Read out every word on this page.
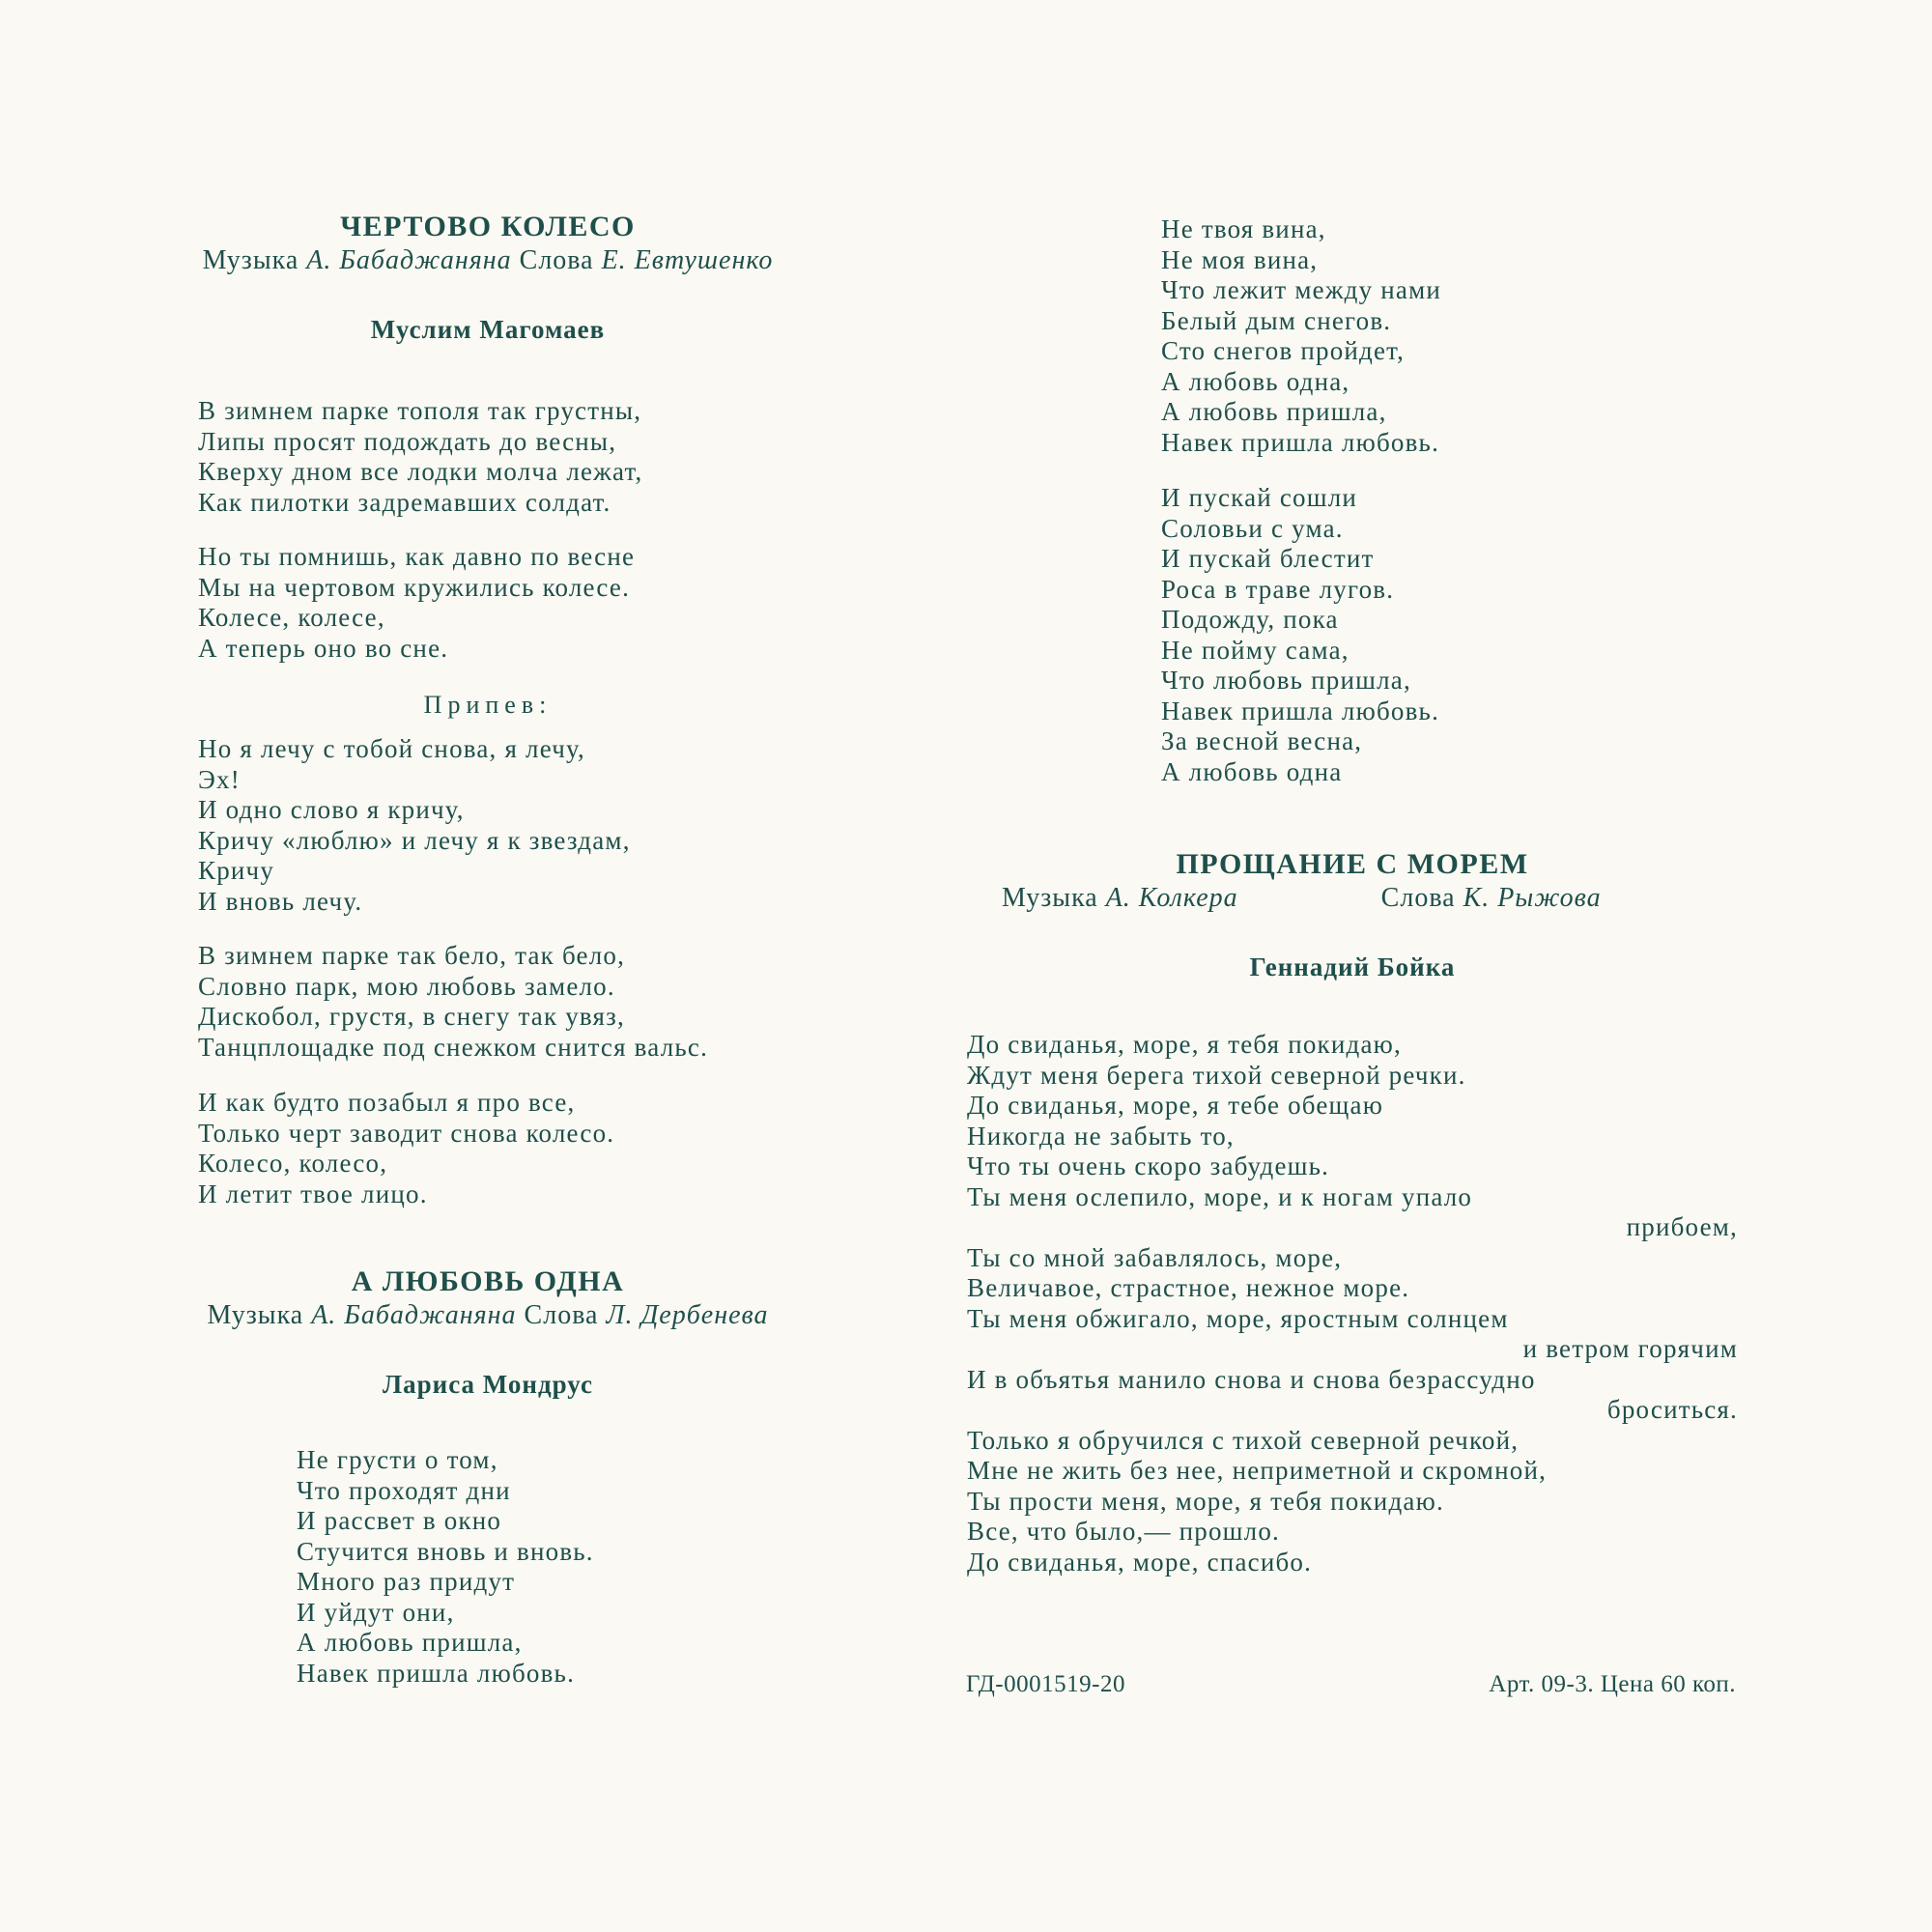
ЧЕРТОВО КОЛЕСО
Музыка А. Бабаджаняна Слова Е. Евтушенко
Муслим Магомаев
В зимнем парке тополя так грустны,
Липы просят подождать до весны,
Кверху дном все лодки молча лежат,
Как пилотки задремавших солдат.
Но ты помнишь, как давно по весне
Мы на чертовом кружились колесе.
Колесе, колесе,
А теперь оно во сне.
Припев:
Но я лечу с тобой снова, я лечу,
Эх!
И одно слово я кричу,
Кричу «люблю» и лечу я к звездам,
Кричу
И вновь лечу.
В зимнем парке так бело, так бело,
Словно парк, мою любовь замело.
Дискобол, грустя, в снегу так увяз,
Танцплощадке под снежком снится вальс.
И как будто позабыл я про все,
Только черт заводит снова колесо.
Колесо, колесо,
И летит твое лицо.
А ЛЮБОВЬ ОДНА
Музыка А. Бабаджаняна Слова Л. Дербенева
Лариса Мондрус
Не грусти о том,
Что проходят дни
И рассвет в окно
Стучится вновь и вновь.
Много раз придут
И уйдут они,
А любовь пришла,
Навек пришла любовь.
Не твоя вина,
Не моя вина,
Что лежит между нами
Белый дым снегов.
Сто снегов пройдет,
А любовь одна,
А любовь пришла,
Навек пришла любовь.
И пускай сошли
Соловьи с ума.
И пускай блестит
Роса в траве лугов.
Подожду, пока
Не пойму сама,
Что любовь пришла,
Навек пришла любовь.
За весной весна,
А любовь одна
ПРОЩАНИЕ С МОРЕМ
Музыка А. Колкера	Слова К. Рыжова
Геннадий Бойка
До свиданья, море, я тебя покидаю,
Ждут меня берега тихой северной речки.
До свиданья, море, я тебе обещаю
Никогда не забыть то,
Что ты очень скоро забудешь.
Ты меня ослепило, море, и к ногам упало
прибоем,
Ты со мной забавлялось, море,
Величавое, страстное, нежное море.
Ты меня обжигало, море, яростным солнцем
и ветром горячим
И в объятья манило снова и снова безрассудно
броситься.
Только я обручился с тихой северной речкой,
Мне не жить без нее, неприметной и скромной,
Ты прости меня, море, я тебя покидаю.
Все, что было,— прошло.
До свиданья, море, спасибо.
ГД-0001519-20	Арт. 09-3. Цена 60 коп.
